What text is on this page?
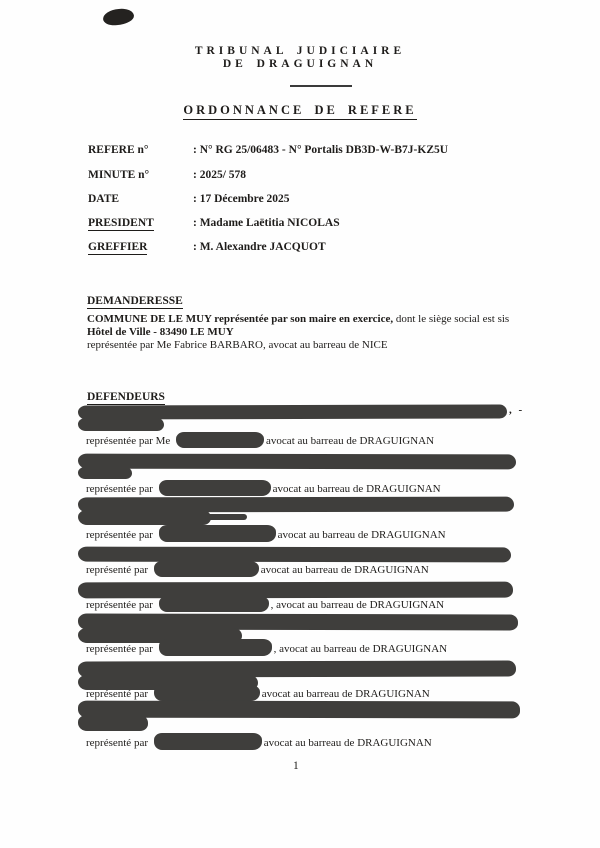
TRIBUNAL JUDICIAIRE
DE DRAGUIGNAN
ORDONNANCE DE REFERE
REFERE n°	: N° RG 25/06483 - N° Portalis DB3D-W-B7J-KZ5U
MINUTE n°	: 2025/ 578
DATE	: 17 Décembre 2025
PRESIDENT	: Madame Laëtitia NICOLAS
GREFFIER	: M. Alexandre JACQUOT
DEMANDERESSE
COMMUNE DE LE MUY représentée par son maire en exercice, dont le siège social est sis
Hôtel de Ville - 83490 LE MUY
représentée par Me Fabrice BARBARO, avocat au barreau de NICE
DEFENDEURS
, -
représentée par Me	avocat au barreau de DRAGUIGNAN
représentée par	avocat au barreau de DRAGUIGNAN
représentée par	avocat au barreau de DRAGUIGNAN
représenté par	avocat au barreau de DRAGUIGNAN
représentée par	, avocat au barreau de DRAGUIGNAN
représentée par	, avocat au barreau de DRAGUIGNAN
représenté par	avocat au barreau de DRAGUIGNAN
représenté par	avocat au barreau de DRAGUIGNAN
1
